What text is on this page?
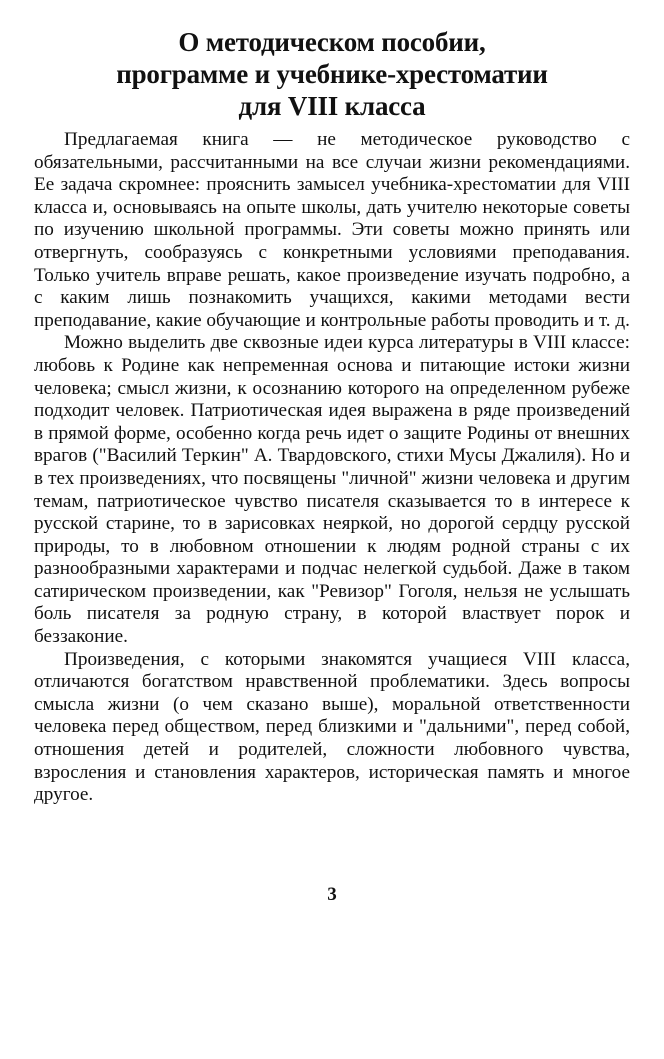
О методическом пособии,
программе и учебнике-хрестоматии
для VIII класса

Предлагаемая книга — не методическое руководство с обязательными, рассчитанными на все случаи жизни рекомендациями. Ее задача скромнее: прояснить замысел учебника-хрестоматии для VIII класса и, основываясь на опыте школы, дать учителю некоторые советы по изучению школьной программы. Эти советы можно принять или отвергнуть, сообразуясь с конкретными условиями преподавания. Только учитель вправе решать, какое произведение изучать подробно, а с каким лишь познакомить учащихся, какими методами вести преподавание, какие обучающие и контрольные работы проводить и т. д.

Можно выделить две сквозные идеи курса литературы в VIII классе: любовь к Родине как непременная основа и питающие истоки жизни человека; смысл жизни, к осознанию которого на определенном рубеже подходит человек. Патриотическая идея выражена в ряде произведений в прямой форме, особенно когда речь идет о защите Родины от внешних врагов ("Василий Теркин" А. Твардовского, стихи Мусы Джалиля). Но и в тех произведениях, что посвящены "личной" жизни человека и другим темам, патриотическое чувство писателя сказывается то в интересе к русской старине, то в зарисовках неяркой, но дорогой сердцу русской природы, то в любовном отношении к людям родной страны с их разнообразными характерами и подчас нелегкой судьбой. Даже в таком сатирическом произведении, как "Ревизор" Гоголя, нельзя не услышать боль писателя за родную страну, в которой властвует порок и беззаконие.

Произведения, с которыми знакомятся учащиеся VIII класса, отличаются богатством нравственной проблематики. Здесь вопросы смысла жизни (о чем сказано выше), моральной ответственности человека перед обществом, перед близкими и "дальними", перед собой, отношения детей и родителей, сложности любовного чувства, взросления и становления характеров, историческая память и многое другое.

3
